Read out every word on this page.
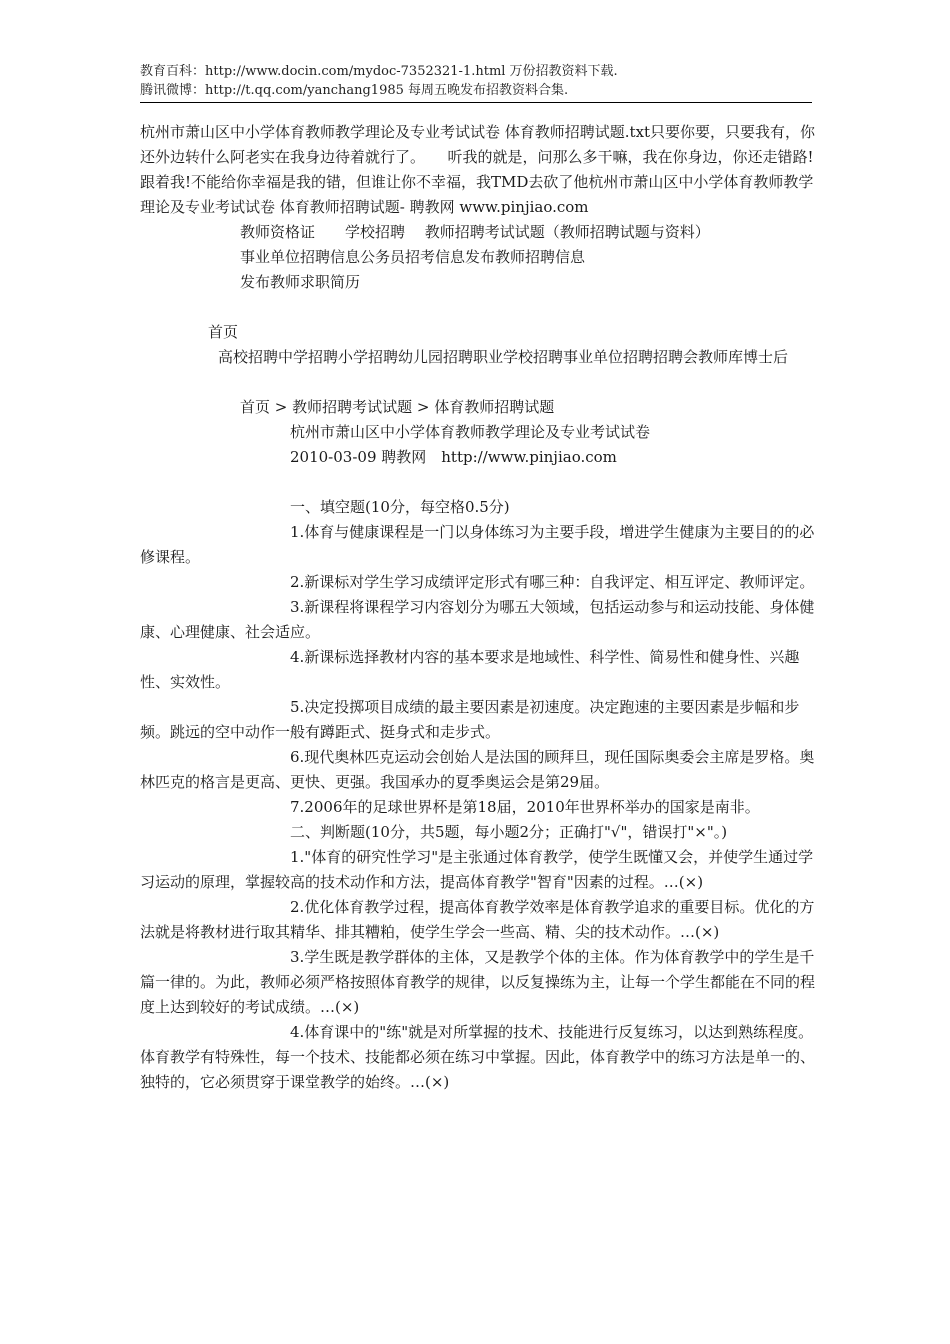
教育百科：http://www.docin.com/mydoc-7352321-1.html 万份招教资料下载.
腾讯微博：http://t.qq.com/yanchang1985 每周五晚发布招教资料合集.

杭州市萧山区中小学体育教师教学理论及专业考试试卷 体育教师招聘试题.txt只要你要，只要我有，你还外边转什么阿老实在我身边待着就行了。　　听我的就是，问那么多干嘛，我在你身边，你还走错路!跟着我!不能给你幸福是我的错，但谁让你不幸福，我TMD去砍了他杭州市萧山区中小学体育教师教学理论及专业考试试卷 体育教师招聘试题- 聘教网 www.pinjiao.com

教师资格证　　学校招聘　 教师招聘考试试题（教师招聘试题与资料）

事业单位招聘信息公务员招考信息发布教师招聘信息

发布教师求职简历

首页

高校招聘中学招聘小学招聘幼儿园招聘职业学校招聘事业单位招聘招聘会教师库博士后

首页 > 教师招聘考试试题 > 体育教师招聘试题

杭州市萧山区中小学体育教师教学理论及专业考试试卷

2010-03-09 聘教网　http://www.pinjiao.com

一、填空题(10分，每空格0.5分)

1.体育与健康课程是一门以身体练习为主要手段，增进学生健康为主要目的的必修课程。

2.新课标对学生学习成绩评定形式有哪三种：自我评定、相互评定、教师评定。

3.新课程将课程学习内容划分为哪五大领域，包括运动参与和运动技能、身体健康、心理健康、社会适应。

4.新课标选择教材内容的基本要求是地域性、科学性、简易性和健身性、兴趣性、实效性。

5.决定投掷项目成绩的最主要因素是初速度。决定跑速的主要因素是步幅和步频。跳远的空中动作一般有蹲距式、挺身式和走步式。

6.现代奥林匹克运动会创始人是法国的顾拜旦，现任国际奥委会主席是罗格。奥林匹克的格言是更高、更快、更强。我国承办的夏季奥运会是第29届。

7.2006年的足球世界杯是第18届，2010年世界杯举办的国家是南非。

二、判断题(10分，共5题，每小题2分；正确打"√"，错误打"×"。)

1."体育的研究性学习"是主张通过体育教学，使学生既懂又会，并使学生通过学习运动的原理，掌握较高的技术动作和方法，提高体育教学"智育"因素的过程。…(×)

2.优化体育教学过程，提高体育教学效率是体育教学追求的重要目标。优化的方法就是将教材进行取其精华、排其糟粕，使学生学会一些高、精、尖的技术动作。…(×)

3.学生既是教学群体的主体，又是教学个体的主体。作为体育教学中的学生是千篇一律的。为此，教师必须严格按照体育教学的规律，以反复操练为主，让每一个学生都能在不同的程度上达到较好的考试成绩。…(×)

4.体育课中的"练"就是对所掌握的技术、技能进行反复练习，以达到熟练程度。体育教学有特殊性，每一个技术、技能都必须在练习中掌握。因此，体育教学中的练习方法是单一的、独特的，它必须贯穿于课堂教学的始终。…(×)
